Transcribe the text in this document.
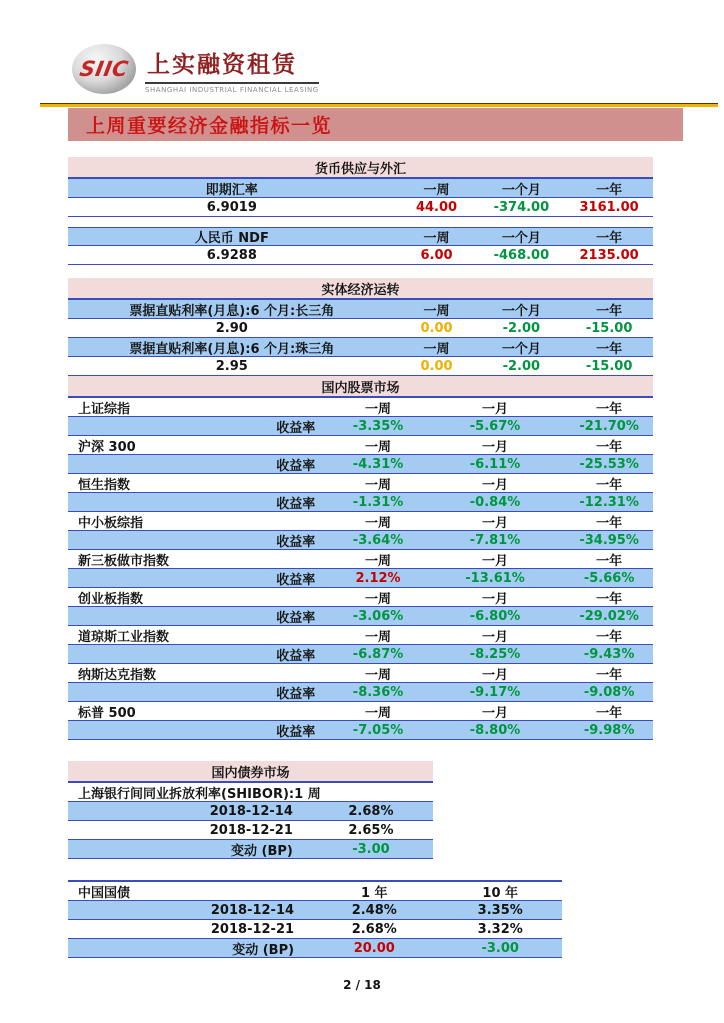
SIIC 上实融资租赁
SHANGHAI INDUSTRIAL FINANCIAL LEASING
上周重要经济金融指标一览
货币供应与外汇
即期汇率	一周	一个月	一年
6.9019	44.00	-374.00	3161.00
人民币 NDF	一周	一个月	一年
6.9288	6.00	-468.00	2135.00
实体经济运转
票据直贴利率(月息):6 个月:长三角	一周	一个月	一年
2.90	0.00	-2.00	-15.00
票据直贴利率(月息):6 个月:珠三角	一周	一个月	一年
2.95	0.00	-2.00	-15.00
国内股票市场
上证综指	一周	一月	一年
收益率	-3.35%	-5.67%	-21.70%
沪深 300	一周	一月	一年
收益率	-4.31%	-6.11%	-25.53%
恒生指数	一周	一月	一年
收益率	-1.31%	-0.84%	-12.31%
中小板综指	一周	一月	一年
收益率	-3.64%	-7.81%	-34.95%
新三板做市指数	一周	一月	一年
收益率	2.12%	-13.61%	-5.66%
创业板指数	一周	一月	一年
收益率	-3.06%	-6.80%	-29.02%
道琼斯工业指数	一周	一月	一年
收益率	-6.87%	-8.25%	-9.43%
纳斯达克指数	一周	一月	一年
收益率	-8.36%	-9.17%	-9.08%
标普 500	一周	一月	一年
收益率	-7.05%	-8.80%	-9.98%
国内债券市场
上海银行间同业拆放利率(SHIBOR):1 周
2018-12-14	2.68%
2018-12-21	2.65%
变动 (BP)	-3.00
中国国债	1 年	10 年
2018-12-14	2.48%	3.35%
2018-12-21	2.68%	3.32%
变动 (BP)	20.00	-3.00
2 / 18
